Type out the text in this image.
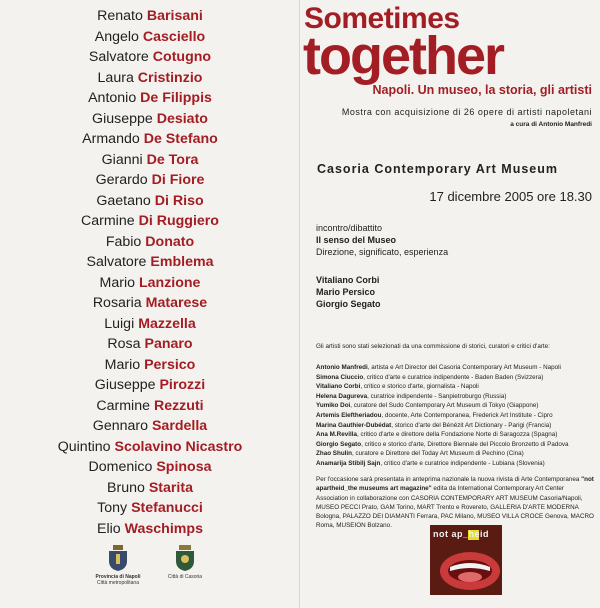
Renato Barisani
Angelo Casciello
Salvatore Cotugno
Laura Cristinzio
Antonio De Filippis
Giuseppe Desiato
Armando De Stefano
Gianni De Tora
Gerardo Di Fiore
Gaetano Di Riso
Carmine Di Ruggiero
Fabio Donato
Salvatore Emblema
Mario Lanzione
Rosaria Matarese
Luigi Mazzella
Rosa Panaro
Mario Persico
Giuseppe Pirozzi
Carmine Rezzuti
Gennaro Sardella
Quintino Scolavino Nicastro
Domenico Spinosa
Bruno Starita
Tony Stefanucci
Elio Waschimps
Provincia di Napoli
Città metropolitana
Città di Casoria
Sometimes
together
Napoli. Un museo, la storia, gli artisti
Mostra con acquisizione di 26 opere di artisti napoletani
a cura di Antonio Manfredi
Casoria Contemporary Art Museum
17 dicembre 2005 ore 18.30
incontro/dibattito
Il senso del Museo
Direzione, significato, esperienza
Vitaliano Corbi
Mario Persico
Giorgio Segato
Gli artisti sono stati selezionati da una commissione di storici, curatori e critici d'arte:
Antonio Manfredi, artista e Art Director del Casoria Contemporary Art Museum - Napoli
Simona Ciuccio, critico d'arte e curatrice indipendente - Baden Baden (Svizzera)
Vitaliano Corbi, critico e storico d'arte, giornalista - Napoli
Helena Dagureva, curatrice indipendente - Sanpietroburgo (Russia)
Yumiko Doi, curatore del Sudo Contemporary Art Museum di Tokyo (Giappone)
Artemis Eleftheriadou, docente, Arte Contemporanea, Frederick Art Institute - Cipro
Marina Gauthier-Dubédat, storico d'arte del Bénézit Art Dictionary - Parigi (Francia)
Ana M.Revilla, critico d'arte e direttore della Fondazione Norte di Saragozza (Spagna)
Giorgio Segato, critico e storico d'arte, Direttore Biennale del Piccolo Bronzetto di Padova
Zhao Shulin, curatore e Direttore del Today Art Museum di Pechino (Cina)
Anamarija Stibilj Sajn, critico d'arte e curatrice indipendente - Lubiana (Slovenia)
Per l'occasione sarà presentata in anteprima nazionale la nuova rivista di Arte Contemporanea "not apartheid_the museums art magazine" edita da International Contemporary Art Center Association in collaborazione con CASORIA CONTEMPORARY ART MUSEUM Casoria/Napoli, MUSEO PECCI Prato, GAM Torino, MART Trento e Rovereto, GALLERIA D'ARTE MODERNA Bologna, PALAZZO DEI DIAMANTI Ferrara, PAC Milano, MUSEO VILLA CROCE Genova, MACRO Roma, MUSEION Bolzano.
not ap_heid
